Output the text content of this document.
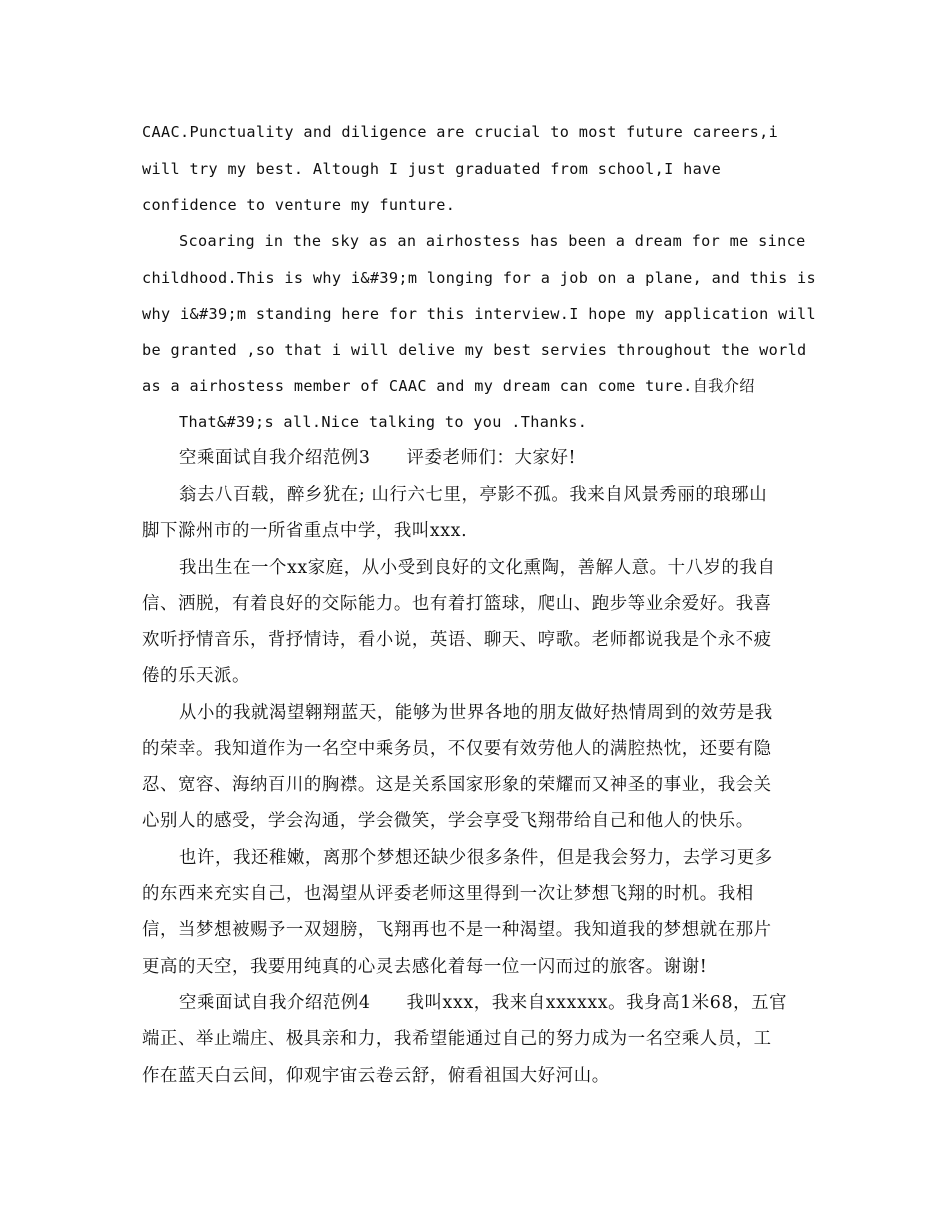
CAAC.Punctuality and diligence are crucial to most future careers,i
will try my best. Altough I just graduated from school,I have
confidence to venture my funture.
Scoaring in the sky as an airhostess has been a dream for me since
childhood.This is why i&#39;m longing for a job on a plane, and this is
why i&#39;m standing here for this interview.I hope my application will
be granted ,so that i will delive my best servies throughout the world
as a airhostess member of CAAC and my dream can come ture.自我介绍
That&#39;s all.Nice talking to you .Thanks.
空乘面试自我介绍范例3　　评委老师们：大家好!
翁去八百载，醉乡犹在; 山行六七里，亭影不孤。我来自风景秀丽的琅琊山
脚下滁州市的一所省重点中学，我叫xxx.
我出生在一个xx家庭，从小受到良好的文化熏陶，善解人意。十八岁的我自
信、洒脱，有着良好的交际能力。也有着打篮球，爬山、跑步等业余爱好。我喜
欢听抒情音乐，背抒情诗，看小说，英语、聊天、哼歌。老师都说我是个永不疲
倦的乐天派。
从小的我就渴望翱翔蓝天，能够为世界各地的朋友做好热情周到的效劳是我
的荣幸。我知道作为一名空中乘务员，不仅要有效劳他人的满腔热忱，还要有隐
忍、宽容、海纳百川的胸襟。这是关系国家形象的荣耀而又神圣的事业，我会关
心别人的感受，学会沟通，学会微笑，学会享受飞翔带给自己和他人的快乐。
也许，我还稚嫩，离那个梦想还缺少很多条件，但是我会努力，去学习更多
的东西来充实自己，也渴望从评委老师这里得到一次让梦想飞翔的时机。我相
信，当梦想被赐予一双翅膀，飞翔再也不是一种渴望。我知道我的梦想就在那片
更高的天空，我要用纯真的心灵去感化着每一位一闪而过的旅客。谢谢!
空乘面试自我介绍范例4　　我叫xxx，我来自xxxxxx。我身高1米68，五官
端正、举止端庄、极具亲和力，我希望能通过自己的努力成为一名空乘人员，工
作在蓝天白云间，仰观宇宙云卷云舒，俯看祖国大好河山。
